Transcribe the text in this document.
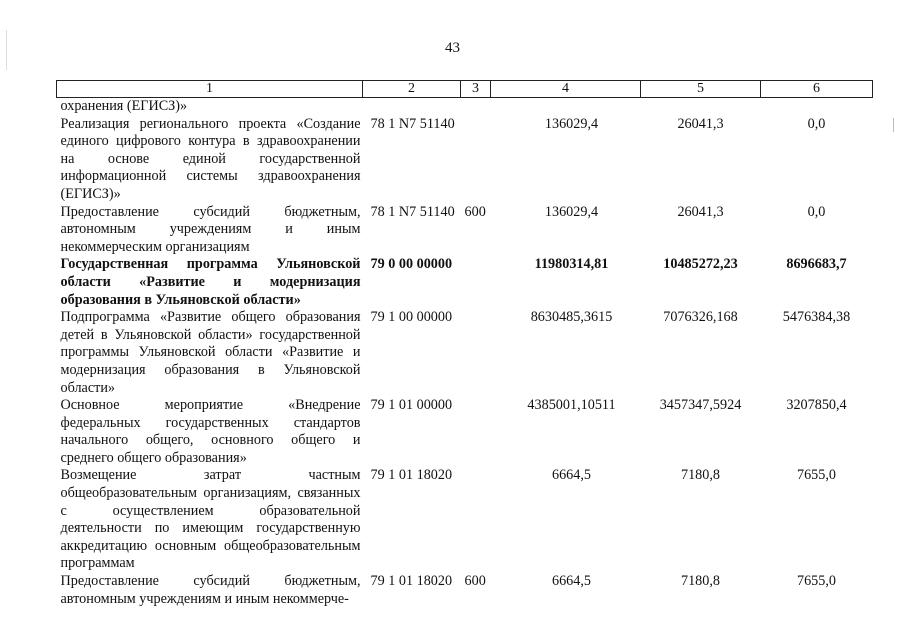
43
1	2	3	4	5	6
охранения (ЕГИСЗ)»					
Реализация регионального проекта «Создание единого цифрового контура в здравоохранении на основе единой государственной информационной системы здравоохранения (ЕГИСЗ)»	78 1 N7 51140		136029,4	26041,3	0,0
Предоставление субсидий бюджетным, автономным учреждениям и иным некоммерческим организациям	78 1 N7 51140	600	136029,4	26041,3	0,0
Государственная программа Ульяновской области «Развитие и модернизация образования в Ульяновской области»	79 0 00 00000		11980314,81	10485272,23	8696683,7
Подпрограмма «Развитие общего образования детей в Ульяновской области» государственной программы Ульяновской области «Развитие и модернизация образования в Ульяновской области»	79 1 00 00000		8630485,3615	7076326,168	5476384,38
Основное мероприятие «Внедрение федеральных государственных стандартов начального общего, основного общего и среднего общего образования»	79 1 01 00000		4385001,10511	3457347,5924	3207850,4
Возмещение затрат частным общеобразовательным организациям, связанных с осуществлением образовательной деятельности по имеющим государственную аккредитацию основным общеобразовательным программам	79 1 01 18020		6664,5	7180,8	7655,0
Предоставление субсидий бюджетным, автономным учреждениям и иным некоммерче-	79 1 01 18020	600	6664,5	7180,8	7655,0
